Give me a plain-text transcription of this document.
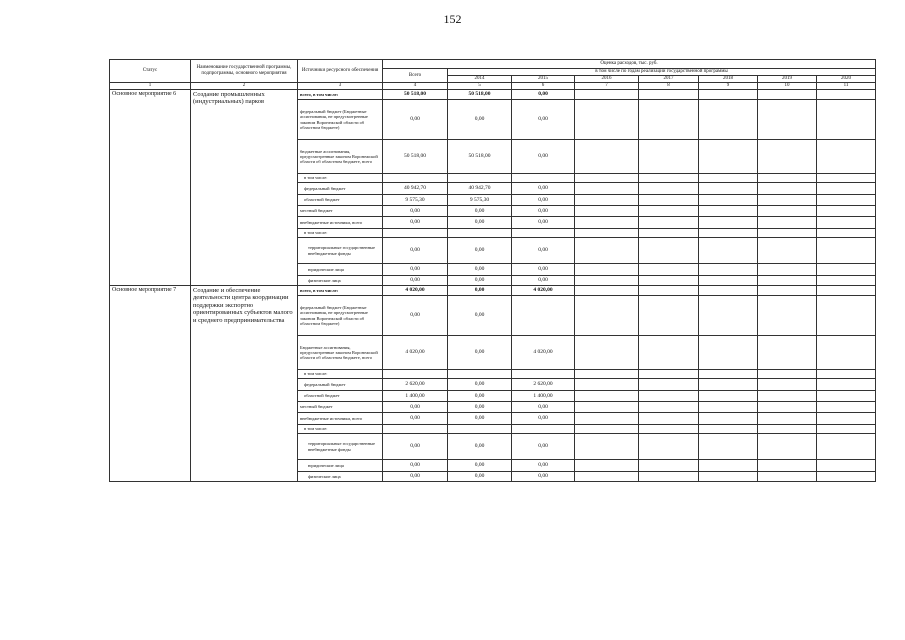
152
Статус	Наименование государственной программы, подпрограммы, основного мероприятия	Источники ресурсного обеспечения	Оценка расходов, тыс. руб.							
			Всего	в том числе по годам реализации государственной программы						
				2014	2015	2016	2017	2018	2019	2020
1	2	3	4	5	6	7	8	9	10	11
Основное мероприятие 6	Создание промышленных (индустриальных) парков	всего, в том числе:	50 518,00	50 518,00	0,00					
		федеральный бюджет (Бюджетные ассигнования, не предусмотренные законом Воронежской области об областном бюджете)	0,00	0,00	0,00					
		бюджетные ассигнования, предусмотренные законом Воронежской области об областном бюджете, всего	50 518,00	50 518,00	0,00					
		в том числе:								
		федеральный бюджет	40 942,70	40 942,70	0,00					
		областной бюджет	9 575,30	9 575,30	0,00					
		местный бюджет	0,00	0,00	0,00					
		внебюджетные источники, всего	0,00	0,00	0,00					
		в том числе:								
		территориальные государственные внебюджетные фонды	0,00	0,00	0,00					
		юридические лица	0,00	0,00	0,00					
		физические лица	0,00	0,00	0,00					
Основное мероприятие 7	Создание и обеспечение деятельности центра координации поддержки экспортно ориентированных субъектов малого и среднего предпринимательства	всего, в том числе:	4 020,00	0,00	4 020,00					
		федеральный бюджет (Бюджетные ассигнования, не предусмотренные законом Воронежской области об областном бюджете)	0,00	0,00						
		Бюджетные ассигнования, предусмотренные законом Воронежской области об областном бюджете, всего	4 020,00	0,00	4 020,00					
		в том числе:								
		федеральный бюджет	2 620,00	0,00	2 620,00					
		областной бюджет	1 400,00	0,00	1 400,00					
		местный бюджет	0,00	0,00	0,00					
		внебюджетные источники, всего	0,00	0,00	0,00					
		в том числе:								
		территориальные государственные внебюджетные фонды	0,00	0,00	0,00					
		юридические лица	0,00	0,00	0,00					
		физические лица	0,00	0,00	0,00					
